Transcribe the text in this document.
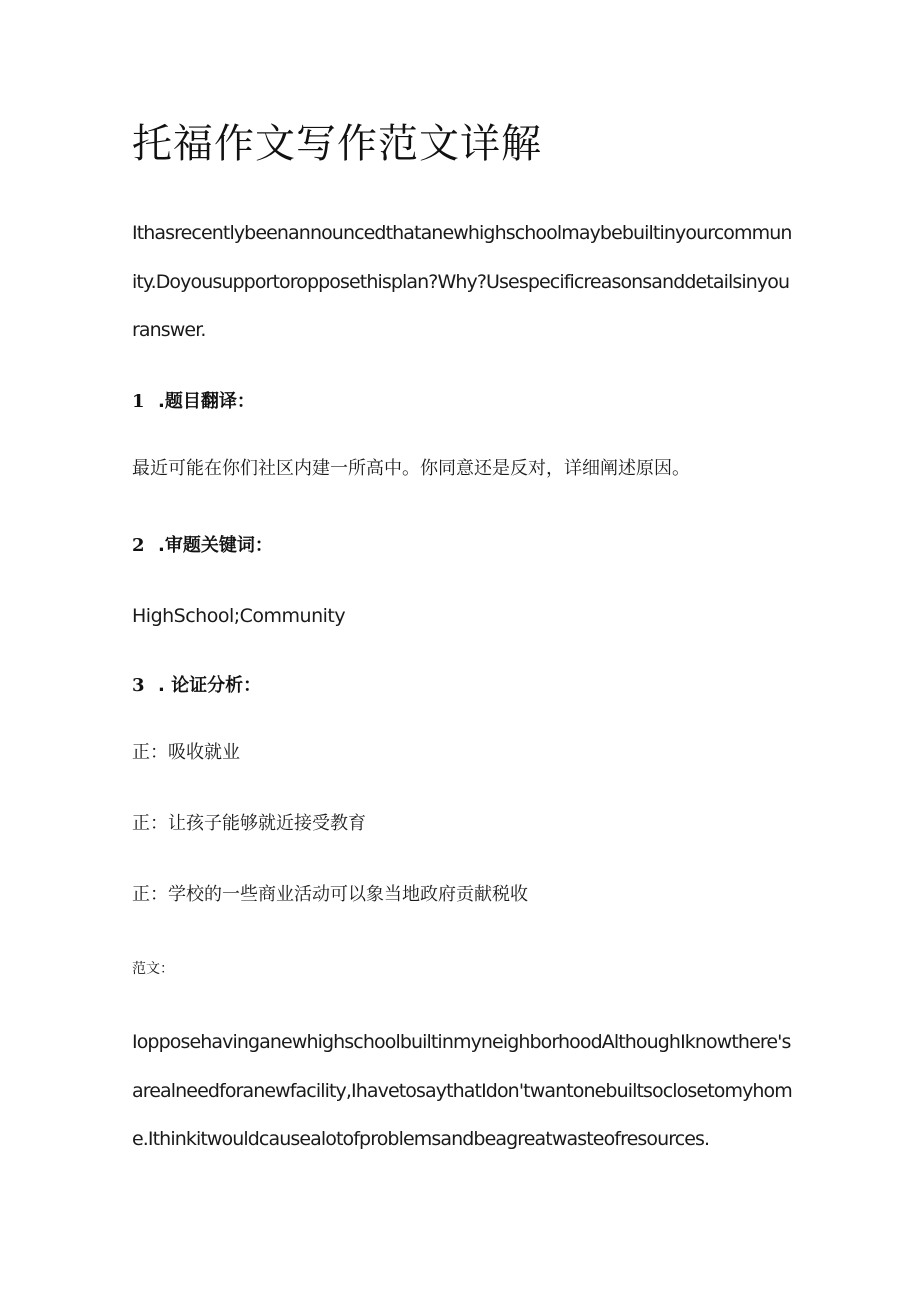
托福作文写作范文详解

Ithasrecentlybeenannouncedthatanewhighschoolmaybebuiltinyourcommunity.Doyousupportoropposethisplan?Why?Usespecificreasonsanddetailsinyouranswer.

1 .题目翻译：

最近可能在你们社区内建一所高中。你同意还是反对，详细阐述原因。

2 .审题关键词：

HighSchool;Community

3 . 论证分析：

正：吸收就业

正：让孩子能够就近接受教育

正：学校的一些商业活动可以象当地政府贡献税收

范文：

IopposehavinganewhighschoolbuiltinmyneighborhoodAlthoughIknowthere'sarealneedforanewfacility,IhavetosaythatIdon'twantonebuiltsoclosetomyhome.Ithinkitwouldcausealotofproblemsandbeagreatwasteofresources.
